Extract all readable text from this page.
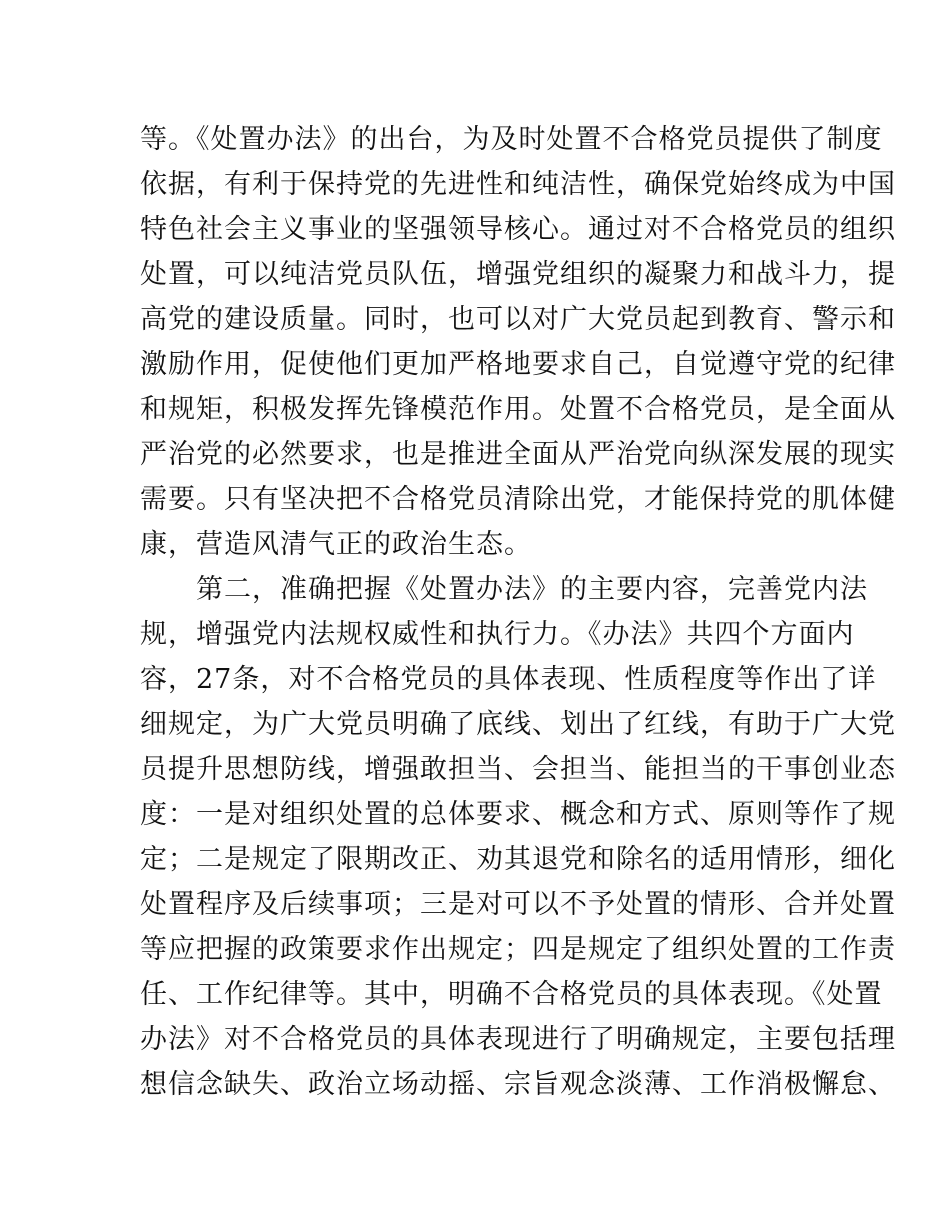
等。《处置办法》的出台，为及时处置不合格党员提供了制度
依据，有利于保持党的先进性和纯洁性，确保党始终成为中国
特色社会主义事业的坚强领导核心。通过对不合格党员的组织
处置，可以纯洁党员队伍，增强党组织的凝聚力和战斗力，提
高党的建设质量。同时，也可以对广大党员起到教育、警示和
激励作用，促使他们更加严格地要求自己，自觉遵守党的纪律
和规矩，积极发挥先锋模范作用。处置不合格党员，是全面从
严治党的必然要求，也是推进全面从严治党向纵深发展的现实
需要。只有坚决把不合格党员清除出党，才能保持党的肌体健
康，营造风清气正的政治生态。
　　第二，准确把握《处置办法》的主要内容，完善党内法
规，增强党内法规权威性和执行力。《办法》共四个方面内
容，27条，对不合格党员的具体表现、性质程度等作出了详
细规定，为广大党员明确了底线、划出了红线，有助于广大党
员提升思想防线，增强敢担当、会担当、能担当的干事创业态
度：一是对组织处置的总体要求、概念和方式、原则等作了规
定；二是规定了限期改正、劝其退党和除名的适用情形，细化
处置程序及后续事项；三是对可以不予处置的情形、合并处置
等应把握的政策要求作出规定；四是规定了组织处置的工作责
任、工作纪律等。其中，明确不合格党员的具体表现。《处置
办法》对不合格党员的具体表现进行了明确规定，主要包括理
想信念缺失、政治立场动摇、宗旨观念淡薄、工作消极懈怠、
